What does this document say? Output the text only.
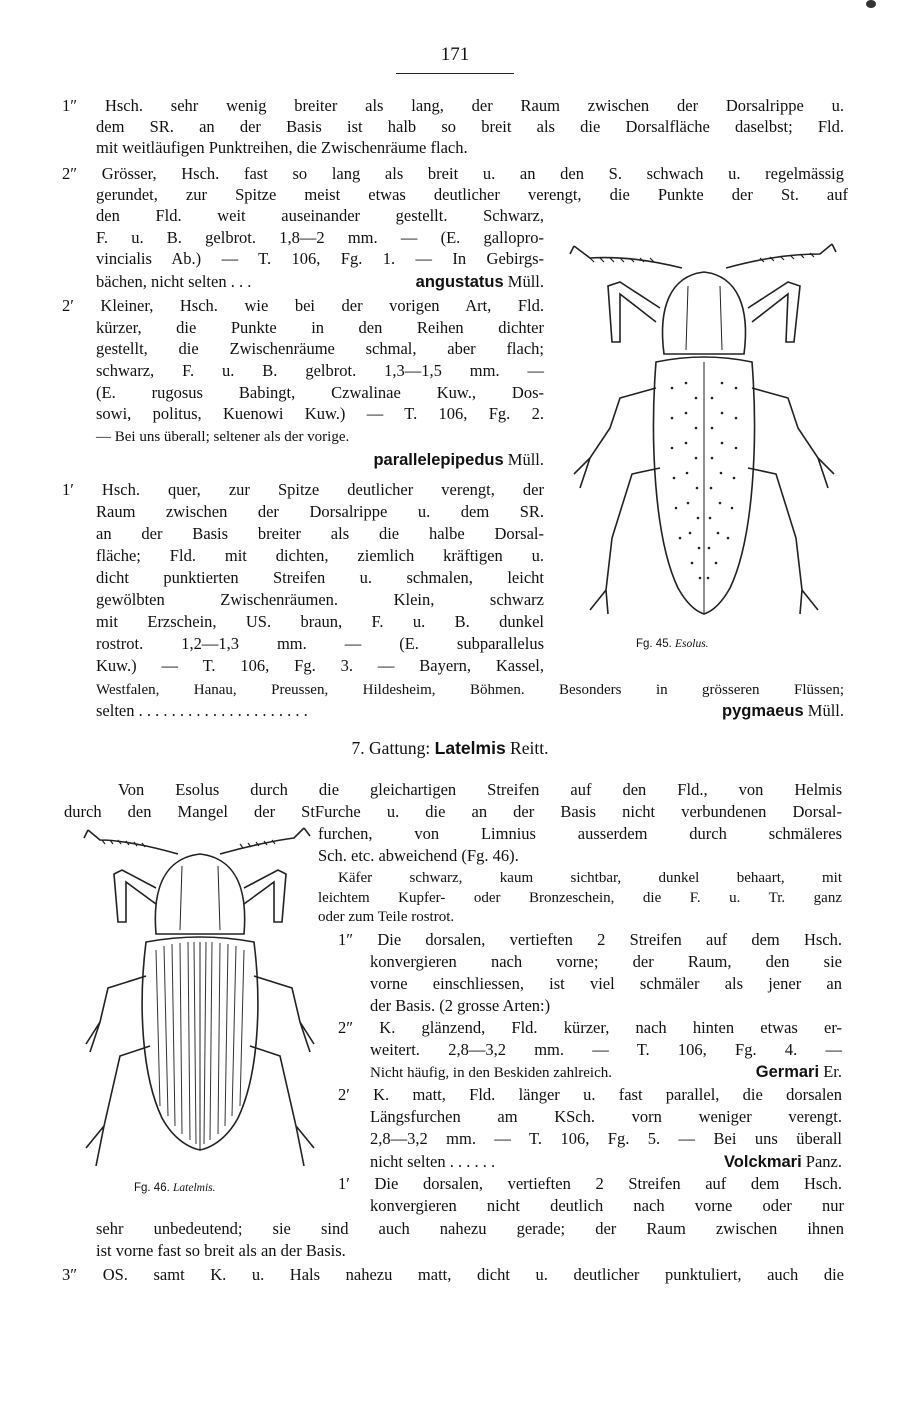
171
1″ Hsch. sehr wenig breiter als lang, der Raum zwischen der Dorsalrippe u.
dem SR. an der Basis ist halb so breit als die Dorsalfläche daselbst; Fld.
mit weitläufigen Punktreihen, die Zwischenräume flach.
2″ Grösser, Hsch. fast so lang als breit u. an den S. schwach u. regelmässig
gerundet, zur Spitze meist etwas deutlicher verengt, die Punkte der St. auf
den Fld. weit auseinander gestellt. Schwarz,
F. u. B. gelbrot. 1,8—2 mm. — (E. gallopro-
vincialis Ab.) — T. 106, Fg. 1. — In Gebirgs-
bächen, nicht selten . . .	angustatus Müll.
2′ Kleiner, Hsch. wie bei der vorigen Art, Fld.
kürzer, die Punkte in den Reihen dichter
gestellt, die Zwischenräume schmal, aber flach;
schwarz, F. u. B. gelbrot. 1,3—1,5 mm. —
(E. rugosus Babingt, Czwalinae Kuw., Dos-
sowi, politus, Kuenowi Kuw.) — T. 106, Fg. 2.
— Bei uns überall; seltener als der vorige.
parallelepipedus Müll.
1′ Hsch. quer, zur Spitze deutlicher verengt, der
Raum zwischen der Dorsalrippe u. dem SR.
an der Basis breiter als die halbe Dorsal-
fläche; Fld. mit dichten, ziemlich kräftigen u.
dicht punktierten Streifen u. schmalen, leicht
gewölbten Zwischenräumen. Klein, schwarz
mit Erzschein, US. braun, F. u. B. dunkel
rostrot. 1,2—1,3 mm. — (E. subparallelus
Kuw.) — T. 106, Fg. 3. — Bayern, Kassel,
Westfalen, Hanau, Preussen, Hildesheim, Böhmen. Besonders in grösseren Flüssen;
selten . . . . . . . . . . . . . . . . . . . . .	pygmaeus Müll.
Fg. 45. Esolus.
7. Gattung: Latelmis Reitt.
Von Esolus durch die gleichartigen Streifen auf den Fld., von Helmis
durch den Mangel der StFurche u. die an der Basis nicht verbundenen Dorsal-
furchen, von Limnius ausserdem durch schmäleres
Sch. etc. abweichend (Fg. 46).
Käfer schwarz, kaum sichtbar, dunkel behaart, mit
leichtem Kupfer- oder Bronzeschein, die F. u. Tr. ganz
oder zum Teile rostrot.
1″ Die dorsalen, vertieften 2 Streifen auf dem Hsch.
konvergieren nach vorne; der Raum, den sie
vorne einschliessen, ist viel schmäler als jener an
der Basis. (2 grosse Arten:)
2″ K. glänzend, Fld. kürzer, nach hinten etwas er-
weitert. 2,8—3,2 mm. — T. 106, Fg. 4. —
Nicht häufig, in den Beskiden zahlreich.	Germari Er.
2′ K. matt, Fld. länger u. fast parallel, die dorsalen
Längsfurchen am KSch. vorn weniger verengt.
2,8—3,2 mm. — T. 106, Fg. 5. — Bei uns überall
nicht selten . . . . . .	Volckmari Panz.
1′ Die dorsalen, vertieften 2 Streifen auf dem Hsch.
konvergieren nicht deutlich nach vorne oder nur
Fg. 46. Latelmis.
sehr unbedeutend; sie sind auch nahezu gerade; der Raum zwischen ihnen
ist vorne fast so breit als an der Basis.
3″ OS. samt K. u. Hals nahezu matt, dicht u. deutlicher punktuliert, auch die
